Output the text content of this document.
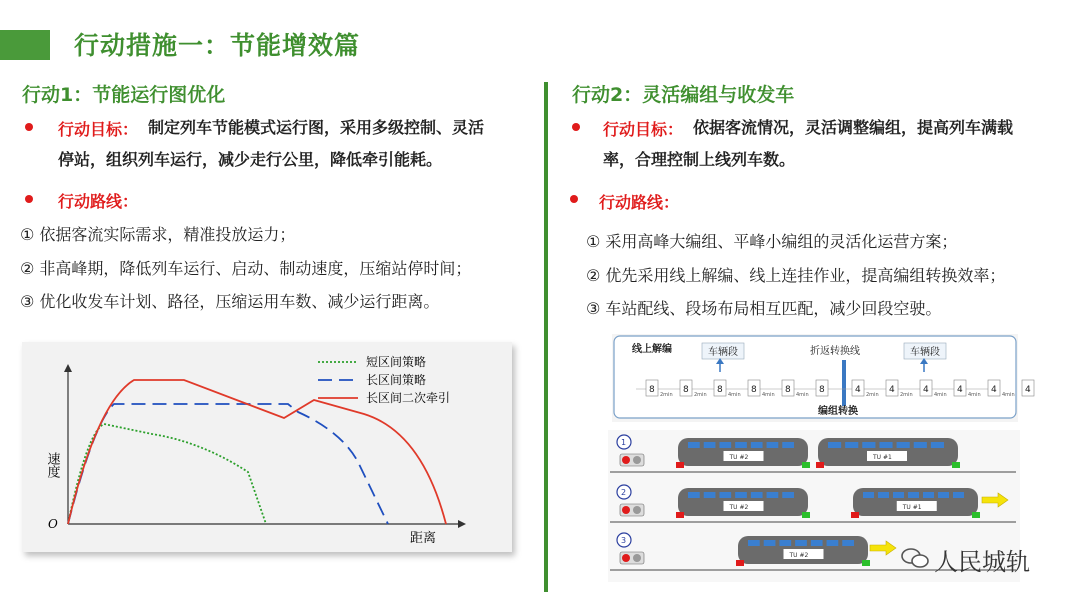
行动措施一：节能增效篇
行动1：节能运行图优化
行动目标： 制定列车节能模式运行图，采用多级控制、灵活
停站，组织列车运行，减少走行公里，降低牵引能耗。
行动路线：
① 依据客流实际需求，精准投放运力；
② 非高峰期，降低列车运行、启动、制动速度，压缩站停时间；
③ 优化收发车计划、路径，压缩运用车数、减少运行距离。
O
距离
速度
短区间策略
长区间策略
长区间二次牵引
行动2：灵活编组与收发车
行动目标： 依据客流情况，灵活调整编组，提高列车满载
率，合理控制上线列车数。
行动路线：
① 采用高峰大编组、平峰小编组的灵活化运营方案；
② 优先采用线上解编、线上连挂作业，提高编组转换效率；
③ 车站配线、段场布局相互匹配，减少回段空驶。
线上解编	车辆段	折返转换线	车辆段
8 2min 8 2min 8 4min 8 4min 8 4min 8	4 2min 4 2min 4 4min 4 4min 4 4min 4
编组转换
1
TU #2	TU #1
2
TU #2	TU #1
3
TU #2	人民城轨
